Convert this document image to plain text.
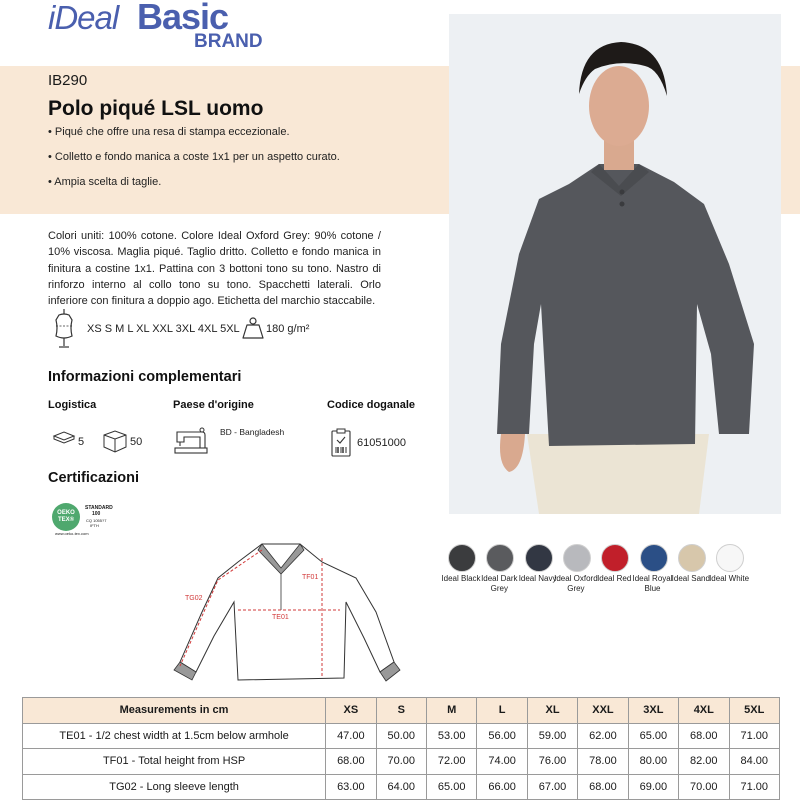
iDeal Basic
BRAND
IB290
Polo piqué LSL uomo
• Piqué che offre una resa di stampa eccezionale.
• Colletto e fondo manica a coste 1x1 per un aspetto curato.
• Ampia scelta di taglie.
Colori uniti: 100% cotone. Colore Ideal Oxford Grey: 90% cotone / 10% viscosa. Maglia piqué. Taglio dritto. Colletto e fondo manica in finitura a costine 1x1. Pattina con 3 bottoni tono su tono. Nastro di rinforzo interno al collo tono su tono. Spacchetti laterali. Orlo inferiore con finitura a doppio ago. Etichetta del marchio staccabile.
XS S M L XL XXL 3XL 4XL 5XL 180 g/m²
Informazioni complementari
Logistica	Paese d'origine	Codice doganale
5	50
BD - Bangladesh
61051000
Certificazioni
OEKO
TEX®
STANDARD
100
CQ 1055?7
IFTH
www.oeko-tex.com
TG02
TE01
TF01	Ideal Black Ideal Dark Grey
Ideal Navy
Ideal Oxford Grey
Ideal Red Ideal Royal Blue
Ideal Sand Ideal White
Measurements in cm	XS	S	M	L	XL	XXL	3XL	4XL	5XL
TE01 - 1/2 chest width at 1.5cm below armhole	47.00	50.00	53.00	56.00	59.00	62.00	65.00	68.00	71.00
TF01 - Total height from HSP	68.00	70.00	72.00	74.00	76.00	78.00	80.00	82.00	84.00
TG02 - Long sleeve length	63.00	64.00	65.00	66.00	67.00	68.00	69.00	70.00	71.00
